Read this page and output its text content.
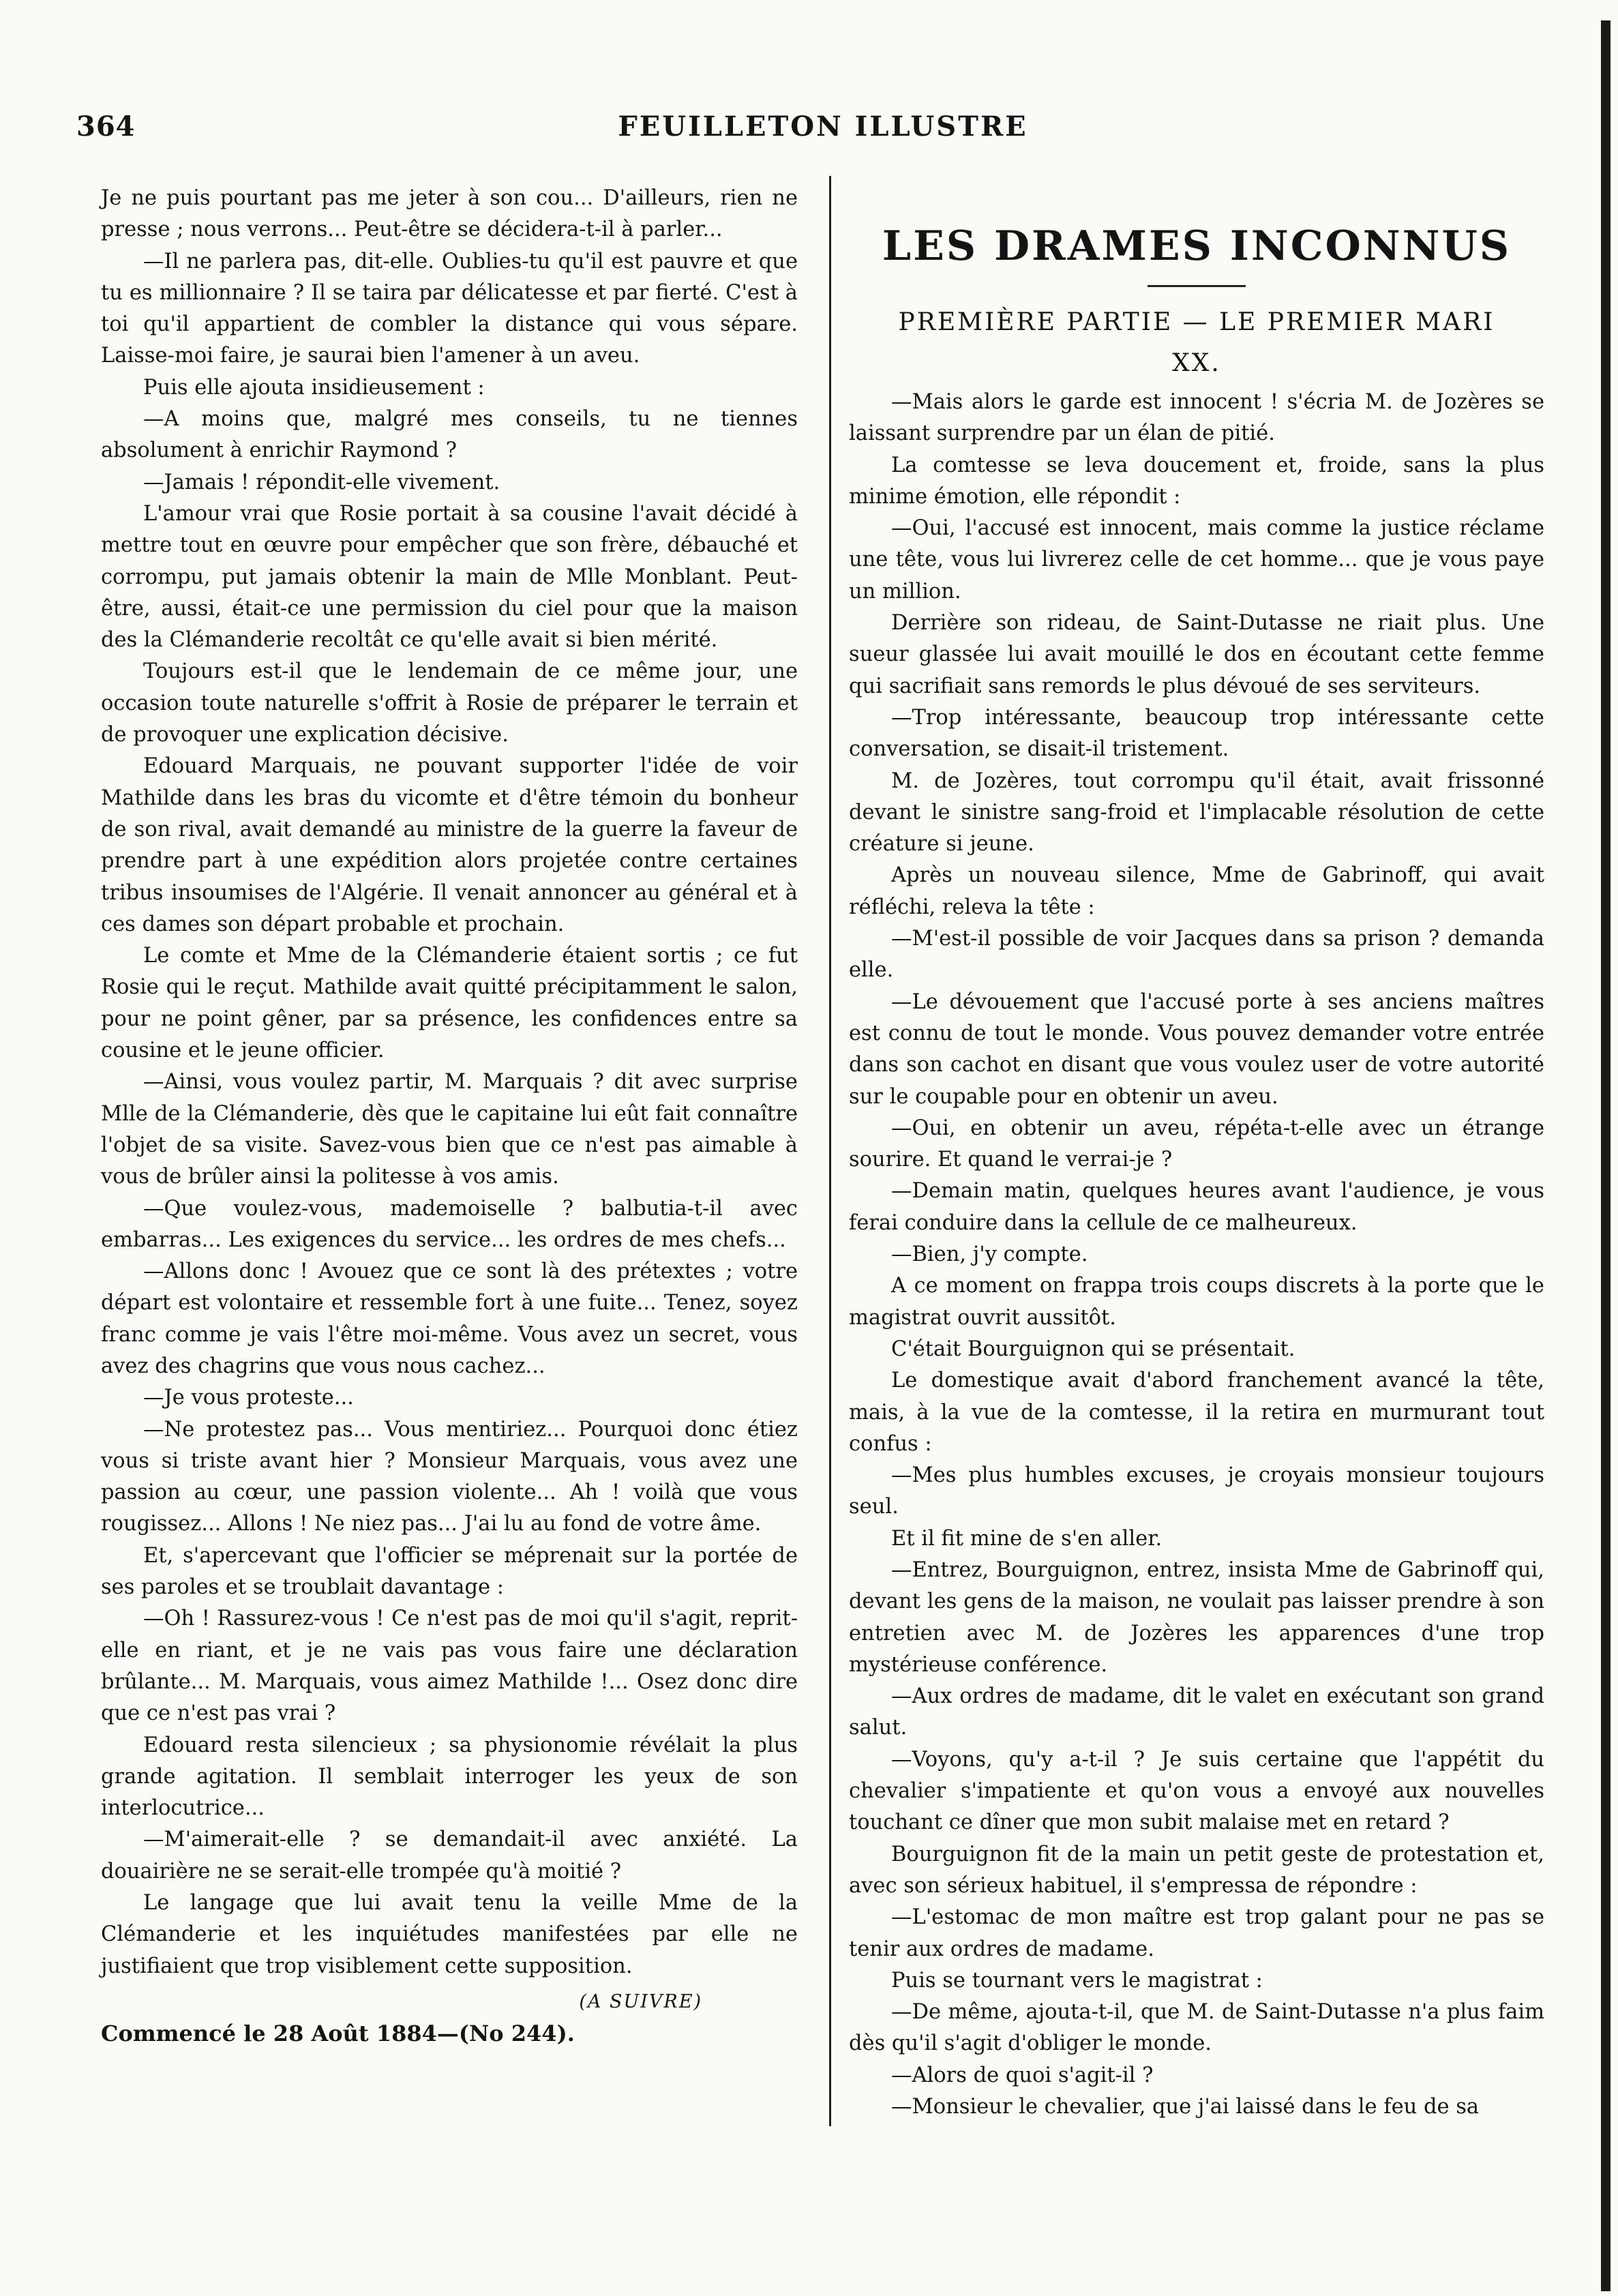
364	FEUILLETON ILLUSTRE

Je ne puis pourtant pas me jeter à son cou... D'ailleurs, rien ne presse ; nous verrons... Peut-être se décidera-t-il à parler...

—Il ne parlera pas, dit-elle. Oublies-tu qu'il est pauvre et que tu es millionnaire ? Il se taira par délicatesse et par fierté. C'est à toi qu'il appartient de combler la distance qui vous sépare. Laisse-moi faire, je saurai bien l'amener à un aveu.

Puis elle ajouta insidieusement :

—A moins que, malgré mes conseils, tu ne tiennes absolument à enrichir Raymond ?

—Jamais ! répondit-elle vivement.

L'amour vrai que Rosie portait à sa cousine l'avait décidé à mettre tout en œuvre pour empêcher que son frère, débauché et corrompu, put jamais obtenir la main de Mlle Monblant. Peut-être, aussi, était-ce une permission du ciel pour que la maison des la Clémanderie recoltât ce qu'elle avait si bien mérité.

Toujours est-il que le lendemain de ce même jour, une occasion toute naturelle s'offrit à Rosie de préparer le terrain et de provoquer une explication décisive.

Edouard Marquais, ne pouvant supporter l'idée de voir Mathilde dans les bras du vicomte et d'être témoin du bonheur de son rival, avait demandé au ministre de la guerre la faveur de prendre part à une expédition alors projetée contre certaines tribus insoumises de l'Algérie. Il venait annoncer au général et à ces dames son départ probable et prochain.

Le comte et Mme de la Clémanderie étaient sortis ; ce fut Rosie qui le reçut. Mathilde avait quitté précipitamment le salon, pour ne point gêner, par sa présence, les confidences entre sa cousine et le jeune officier.

—Ainsi, vous voulez partir, M. Marquais ? dit avec surprise Mlle de la Clémanderie, dès que le capitaine lui eût fait connaître l'objet de sa visite. Savez-vous bien que ce n'est pas aimable à vous de brûler ainsi la politesse à vos amis.

—Que voulez-vous, mademoiselle ? balbutia-t-il avec embarras... Les exigences du service... les ordres de mes chefs...

—Allons donc ! Avouez que ce sont là des prétextes ; votre départ est volontaire et ressemble fort à une fuite... Tenez, soyez franc comme je vais l'être moi-même. Vous avez un secret, vous avez des chagrins que vous nous cachez...

—Je vous proteste...

—Ne protestez pas... Vous mentiriez... Pourquoi donc étiez vous si triste avant hier ? Monsieur Marquais, vous avez une passion au cœur, une passion violente... Ah ! voilà que vous rougissez... Allons ! Ne niez pas... J'ai lu au fond de votre âme.

Et, s'apercevant que l'officier se méprenait sur la portée de ses paroles et se troublait davantage :

—Oh ! Rassurez-vous ! Ce n'est pas de moi qu'il s'agit, reprit-elle en riant, et je ne vais pas vous faire une déclaration brûlante... M. Marquais, vous aimez Mathilde !... Osez donc dire que ce n'est pas vrai ?

Edouard resta silencieux ; sa physionomie révélait la plus grande agitation. Il semblait interroger les yeux de son interlocutrice...

—M'aimerait-elle ? se demandait-il avec anxiété. La douairière ne se serait-elle trompée qu'à moitié ?

Le langage que lui avait tenu la veille Mme de la Clémanderie et les inquiétudes manifestées par elle ne justifiaient que trop visiblement cette supposition.

(A SUIVRE)

Commencé le 28 Août 1884—(No 244).

LES DRAMES INCONNUS
PREMIÈRE PARTIE — LE PREMIER MARI
XX.

—Mais alors le garde est innocent ! s'écria M. de Jozères se laissant surprendre par un élan de pitié.

La comtesse se leva doucement et, froide, sans la plus minime émotion, elle répondit :

—Oui, l'accusé est innocent, mais comme la justice réclame une tête, vous lui livrerez celle de cet homme... que je vous paye un million.

Derrière son rideau, de Saint-Dutasse ne riait plus. Une sueur glassée lui avait mouillé le dos en écoutant cette femme qui sacrifiait sans remords le plus dévoué de ses serviteurs.

—Trop intéressante, beaucoup trop intéressante cette conversation, se disait-il tristement.

M. de Jozères, tout corrompu qu'il était, avait frissonné devant le sinistre sang-froid et l'implacable résolution de cette créature si jeune.

Après un nouveau silence, Mme de Gabrinoff, qui avait réfléchi, releva la tête :

—M'est-il possible de voir Jacques dans sa prison ? demanda elle.

—Le dévouement que l'accusé porte à ses anciens maîtres est connu de tout le monde. Vous pouvez demander votre entrée dans son cachot en disant que vous voulez user de votre autorité sur le coupable pour en obtenir un aveu.

—Oui, en obtenir un aveu, répéta-t-elle avec un étrange sourire. Et quand le verrai-je ?

—Demain matin, quelques heures avant l'audience, je vous ferai conduire dans la cellule de ce malheureux.

—Bien, j'y compte.

A ce moment on frappa trois coups discrets à la porte que le magistrat ouvrit aussitôt.

C'était Bourguignon qui se présentait.

Le domestique avait d'abord franchement avancé la tête, mais, à la vue de la comtesse, il la retira en murmurant tout confus :

—Mes plus humbles excuses, je croyais monsieur toujours seul.

Et il fit mine de s'en aller.

—Entrez, Bourguignon, entrez, insista Mme de Gabrinoff qui, devant les gens de la maison, ne voulait pas laisser prendre à son entretien avec M. de Jozères les apparences d'une trop mystérieuse conférence.

—Aux ordres de madame, dit le valet en exécutant son grand salut.

—Voyons, qu'y a-t-il ? Je suis certaine que l'appétit du chevalier s'impatiente et qu'on vous a envoyé aux nouvelles touchant ce dîner que mon subit malaise met en retard ?

Bourguignon fit de la main un petit geste de protestation et, avec son sérieux habituel, il s'empressa de répondre :

—L'estomac de mon maître est trop galant pour ne pas se tenir aux ordres de madame.

Puis se tournant vers le magistrat :

—De même, ajouta-t-il, que M. de Saint-Dutasse n'a plus faim dès qu'il s'agit d'obliger le monde.

—Alors de quoi s'agit-il ?

—Monsieur le chevalier, que j'ai laissé dans le feu de sa
